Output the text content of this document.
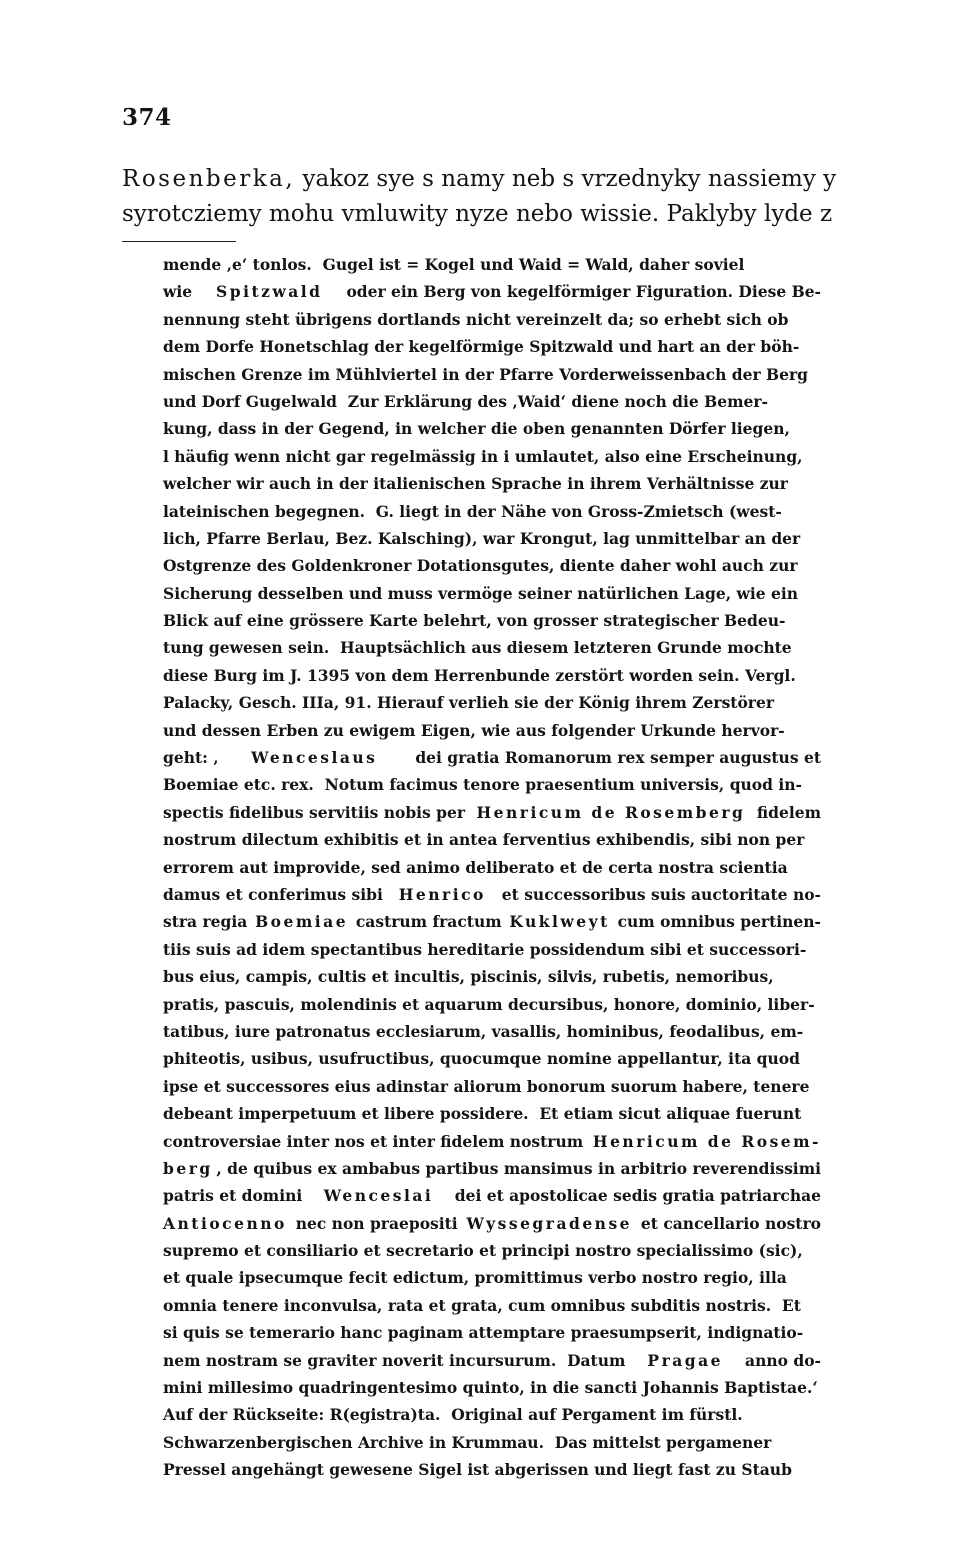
374
Rosenberka, yakoz sye s namy neb s vrzednyky nassiemy y
syrotcziemy mohu vmluwity nyze nebo wissie. Paklyby lyde z
mende ‚e‘ tonlos.  Gugel ist = Kogel und Waid = Wald, daher soviel
wie Spitzwald oder ein Berg von kegelförmiger Figuration. Diese Be-
nennung steht übrigens dortlands nicht vereinzelt da; so erhebt sich ob
dem Dorfe Honetschlag der kegelförmige Spitzwald und hart an der böh-
mischen Grenze im Mühlviertel in der Pfarre Vorderweissenbach der Berg
und Dorf Gugelwald  Zur Erklärung des ‚Waid‘ diene noch die Bemer-
kung, dass in der Gegend, in welcher die oben genannten Dörfer liegen,
l häufig wenn nicht gar regelmässig in i umlautet, also eine Erscheinung,
welcher wir auch in der italienischen Sprache in ihrem Verhältnisse zur
lateinischen begegnen.  G. liegt in der Nähe von Gross-Zmietsch (west-
lich, Pfarre Berlau, Bez. Kalsching), war Krongut, lag unmittelbar an der
Ostgrenze des Goldenkroner Dotationsgutes, diente daher wohl auch zur
Sicherung desselben und muss vermöge seiner natürlichen Lage, wie ein
Blick auf eine grössere Karte belehrt, von grosser strategischer Bedeu-
tung gewesen sein.  Hauptsächlich aus diesem letzteren Grunde mochte
diese Burg im J. 1395 von dem Herrenbunde zerstört worden sein. Vergl.
Palacky, Gesch. IIIa, 91. Hierauf verlieh sie der König ihrem Zerstörer
und dessen Erben zu ewigem Eigen, wie aus folgender Urkunde hervor-
geht: ‚ Wenceslaus dei gratia Romanorum rex semper augustus et
Boemiae etc. rex.  Notum facimus tenore praesentium universis, quod in-
spectis fidelibus servitiis nobis per Henricum de Rosemberg fidelem
nostrum dilectum exhibitis et in antea ferventius exhibendis, sibi non per
errorem aut improvide, sed animo deliberato et de certa nostra scientia
damus et conferimus sibi Henrico et successoribus suis auctoritate no-
stra regia Boemiae castrum fractum Kuklweyt cum omnibus pertinen-
tiis suis ad idem spectantibus hereditarie possidendum sibi et successori-
bus eius, campis, cultis et incultis, piscinis, silvis, rubetis, nemoribus,
pratis, pascuis, molendinis et aquarum decursibus, honore, dominio, liber-
tatibus, iure patronatus ecclesiarum, vasallis, hominibus, feodalibus, em-
phiteotis, usibus, usufructibus, quocumque nomine appellantur, ita quod
ipse et successores eius adinstar aliorum bonorum suorum habere, tenere
debeant imperpetuum et libere possidere.  Et etiam sicut aliquae fuerunt
controversiae inter nos et inter fidelem nostrum Henricum de Rosem-
berg , de quibus ex ambabus partibus mansimus in arbitrio reverendissimi
patris et domini Wenceslai dei et apostolicae sedis gratia patriarchae
Antiocenno nec non praepositi Wyssegradense et cancellario nostro
supremo et consiliario et secretario et principi nostro specialissimo (sic),
et quale ipsecumque fecit edictum, promittimus verbo nostro regio, illa
omnia tenere inconvulsa, rata et grata, cum omnibus subditis nostris.  Et
si quis se temerario hanc paginam attemptare praesumpserit, indignatio-
nem nostram se graviter noverit incursurum.  Datum Pragae anno do-
mini millesimo quadringentesimo quinto, in die sancti Johannis Baptistae.‘
Auf der Rückseite: R(egistra)ta.  Original auf Pergament im fürstl.
Schwarzenbergischen Archive in Krummau.  Das mittelst pergamener
Pressel angehängt gewesene Sigel ist abgerissen und liegt fast zu Staub
